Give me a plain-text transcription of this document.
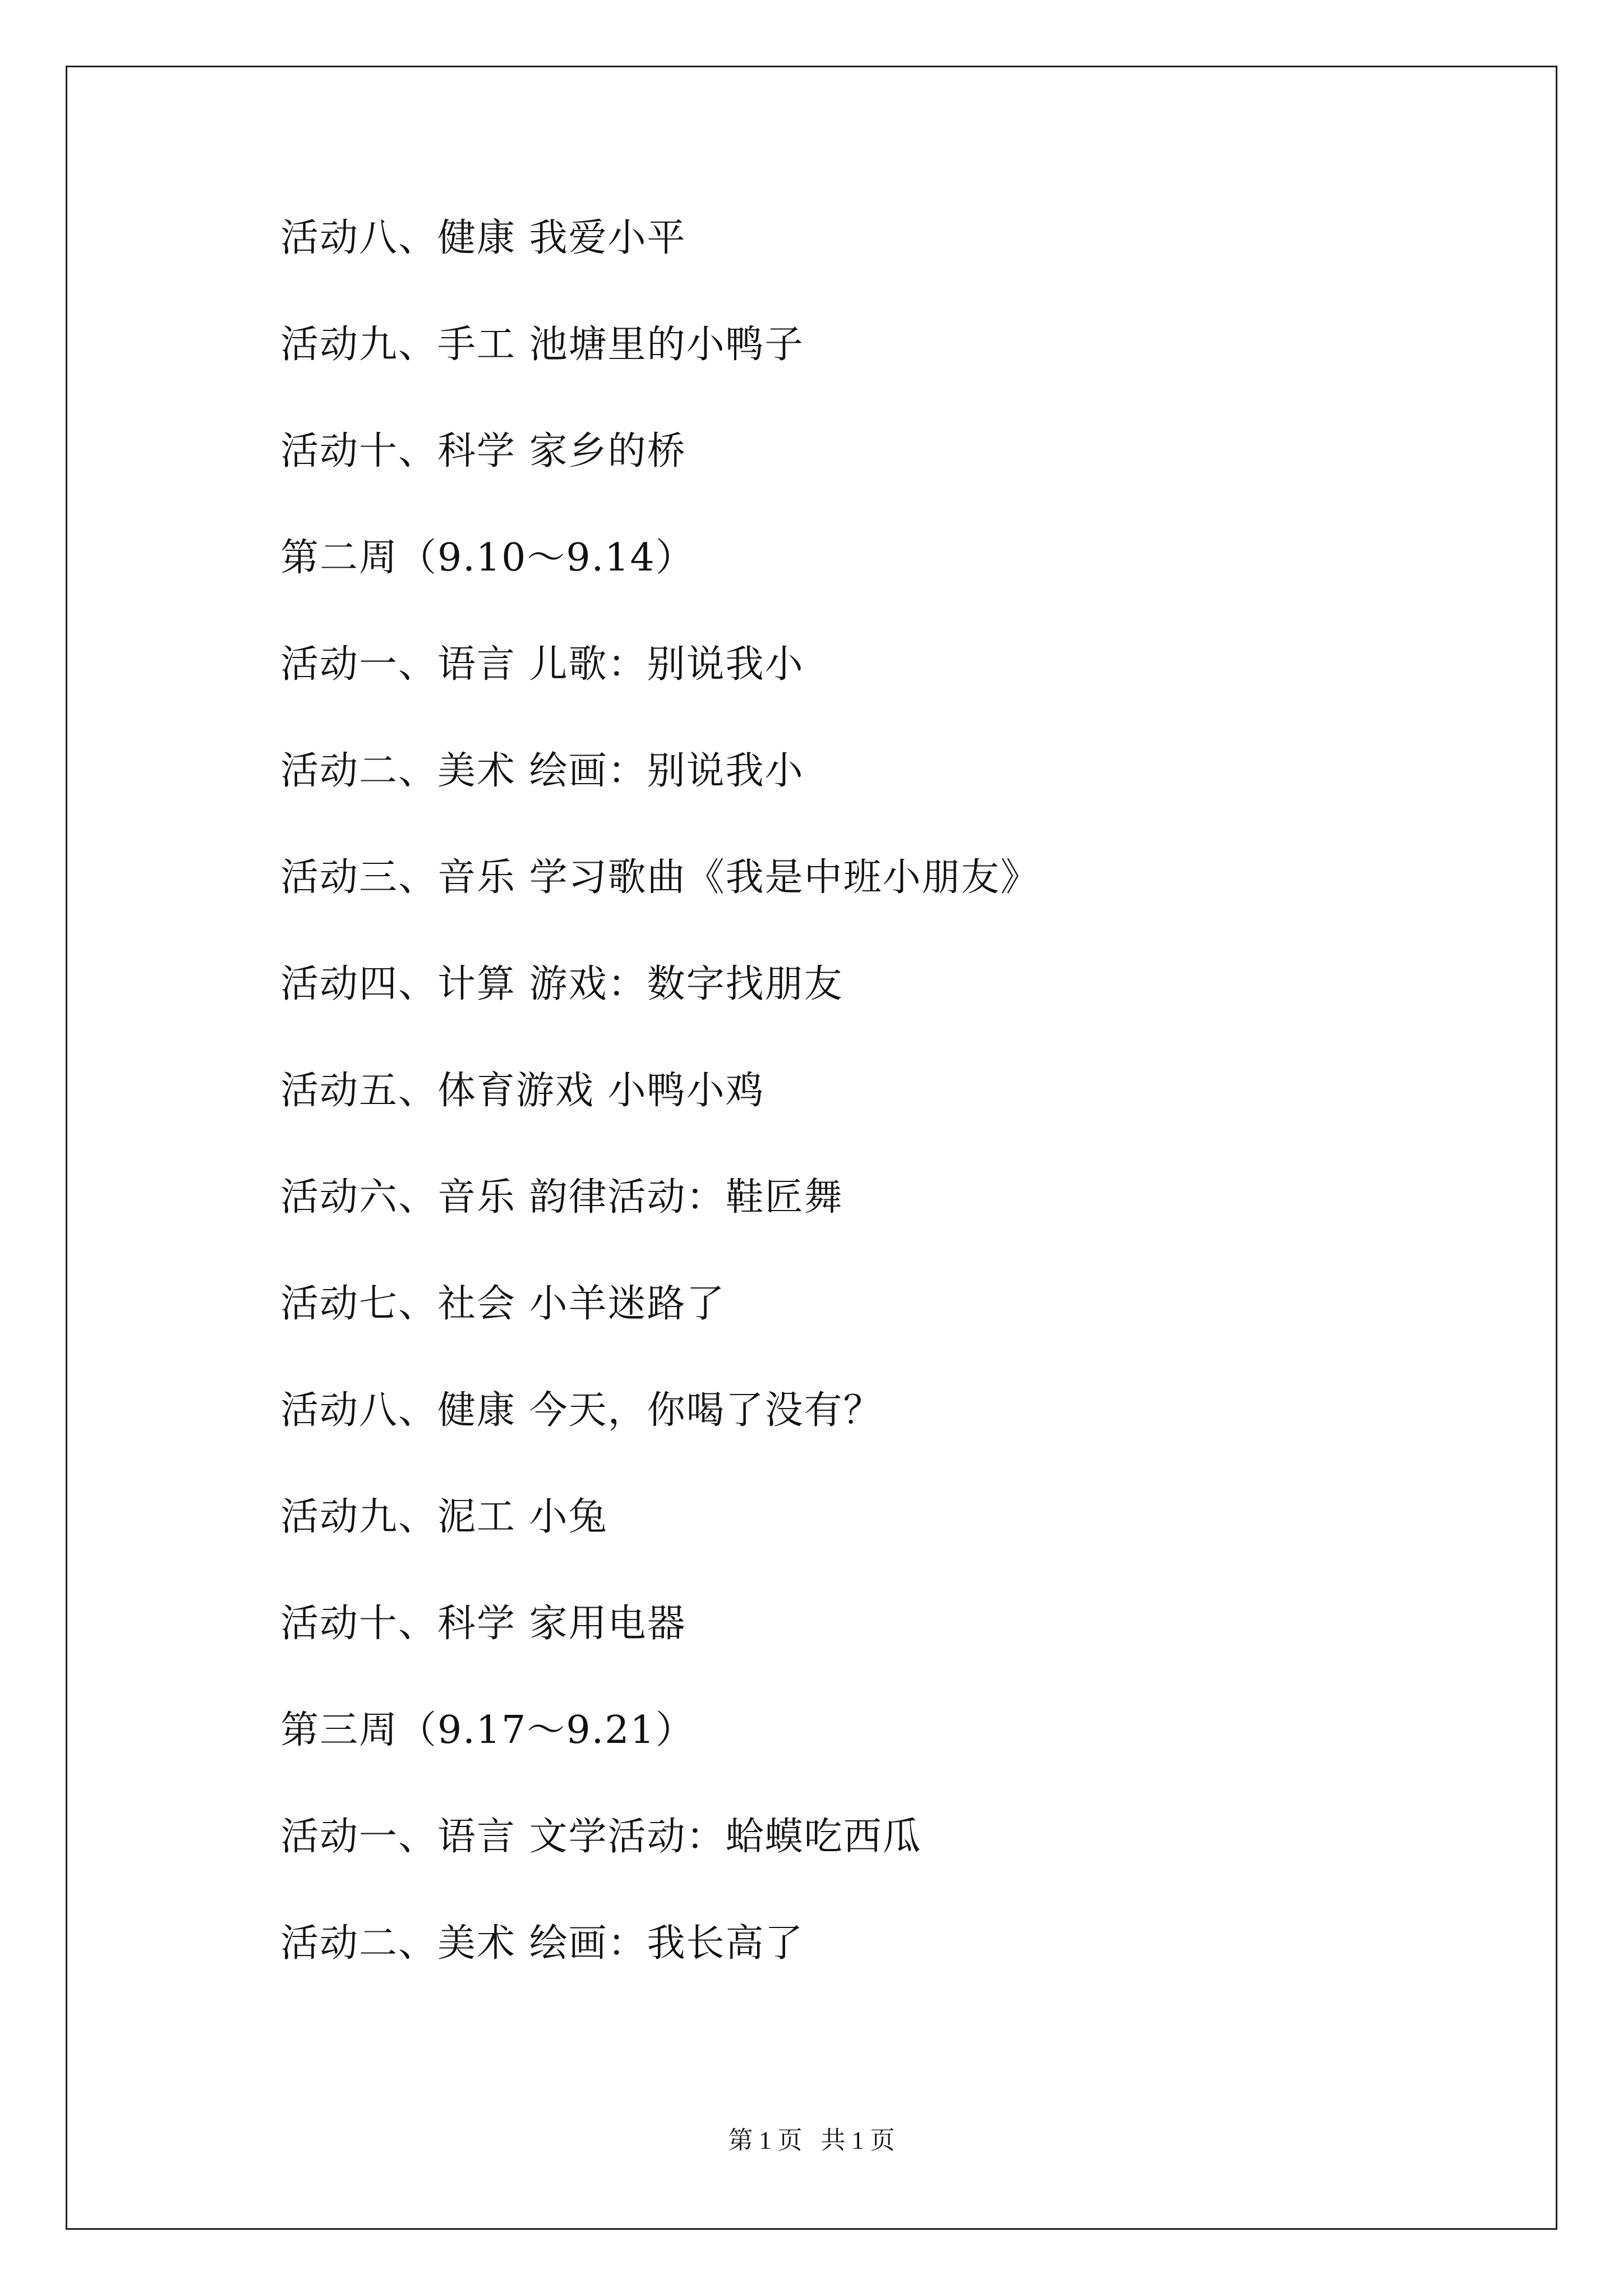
活动八、健康 我爱小平
活动九、手工 池塘里的小鸭子
活动十、科学 家乡的桥
第二周（9.10～9.14）
活动一、语言 儿歌：别说我小
活动二、美术 绘画：别说我小
活动三、音乐 学习歌曲《我是中班小朋友》
活动四、计算 游戏：数字找朋友
活动五、体育游戏 小鸭小鸡
活动六、音乐 韵律活动：鞋匠舞
活动七、社会 小羊迷路了
活动八、健康 今天，你喝了没有？
活动九、泥工 小兔
活动十、科学 家用电器
第三周（9.17～9.21）
活动一、语言 文学活动：蛤蟆吃西瓜
活动二、美术 绘画：我长高了
第 1 页   共 1 页
